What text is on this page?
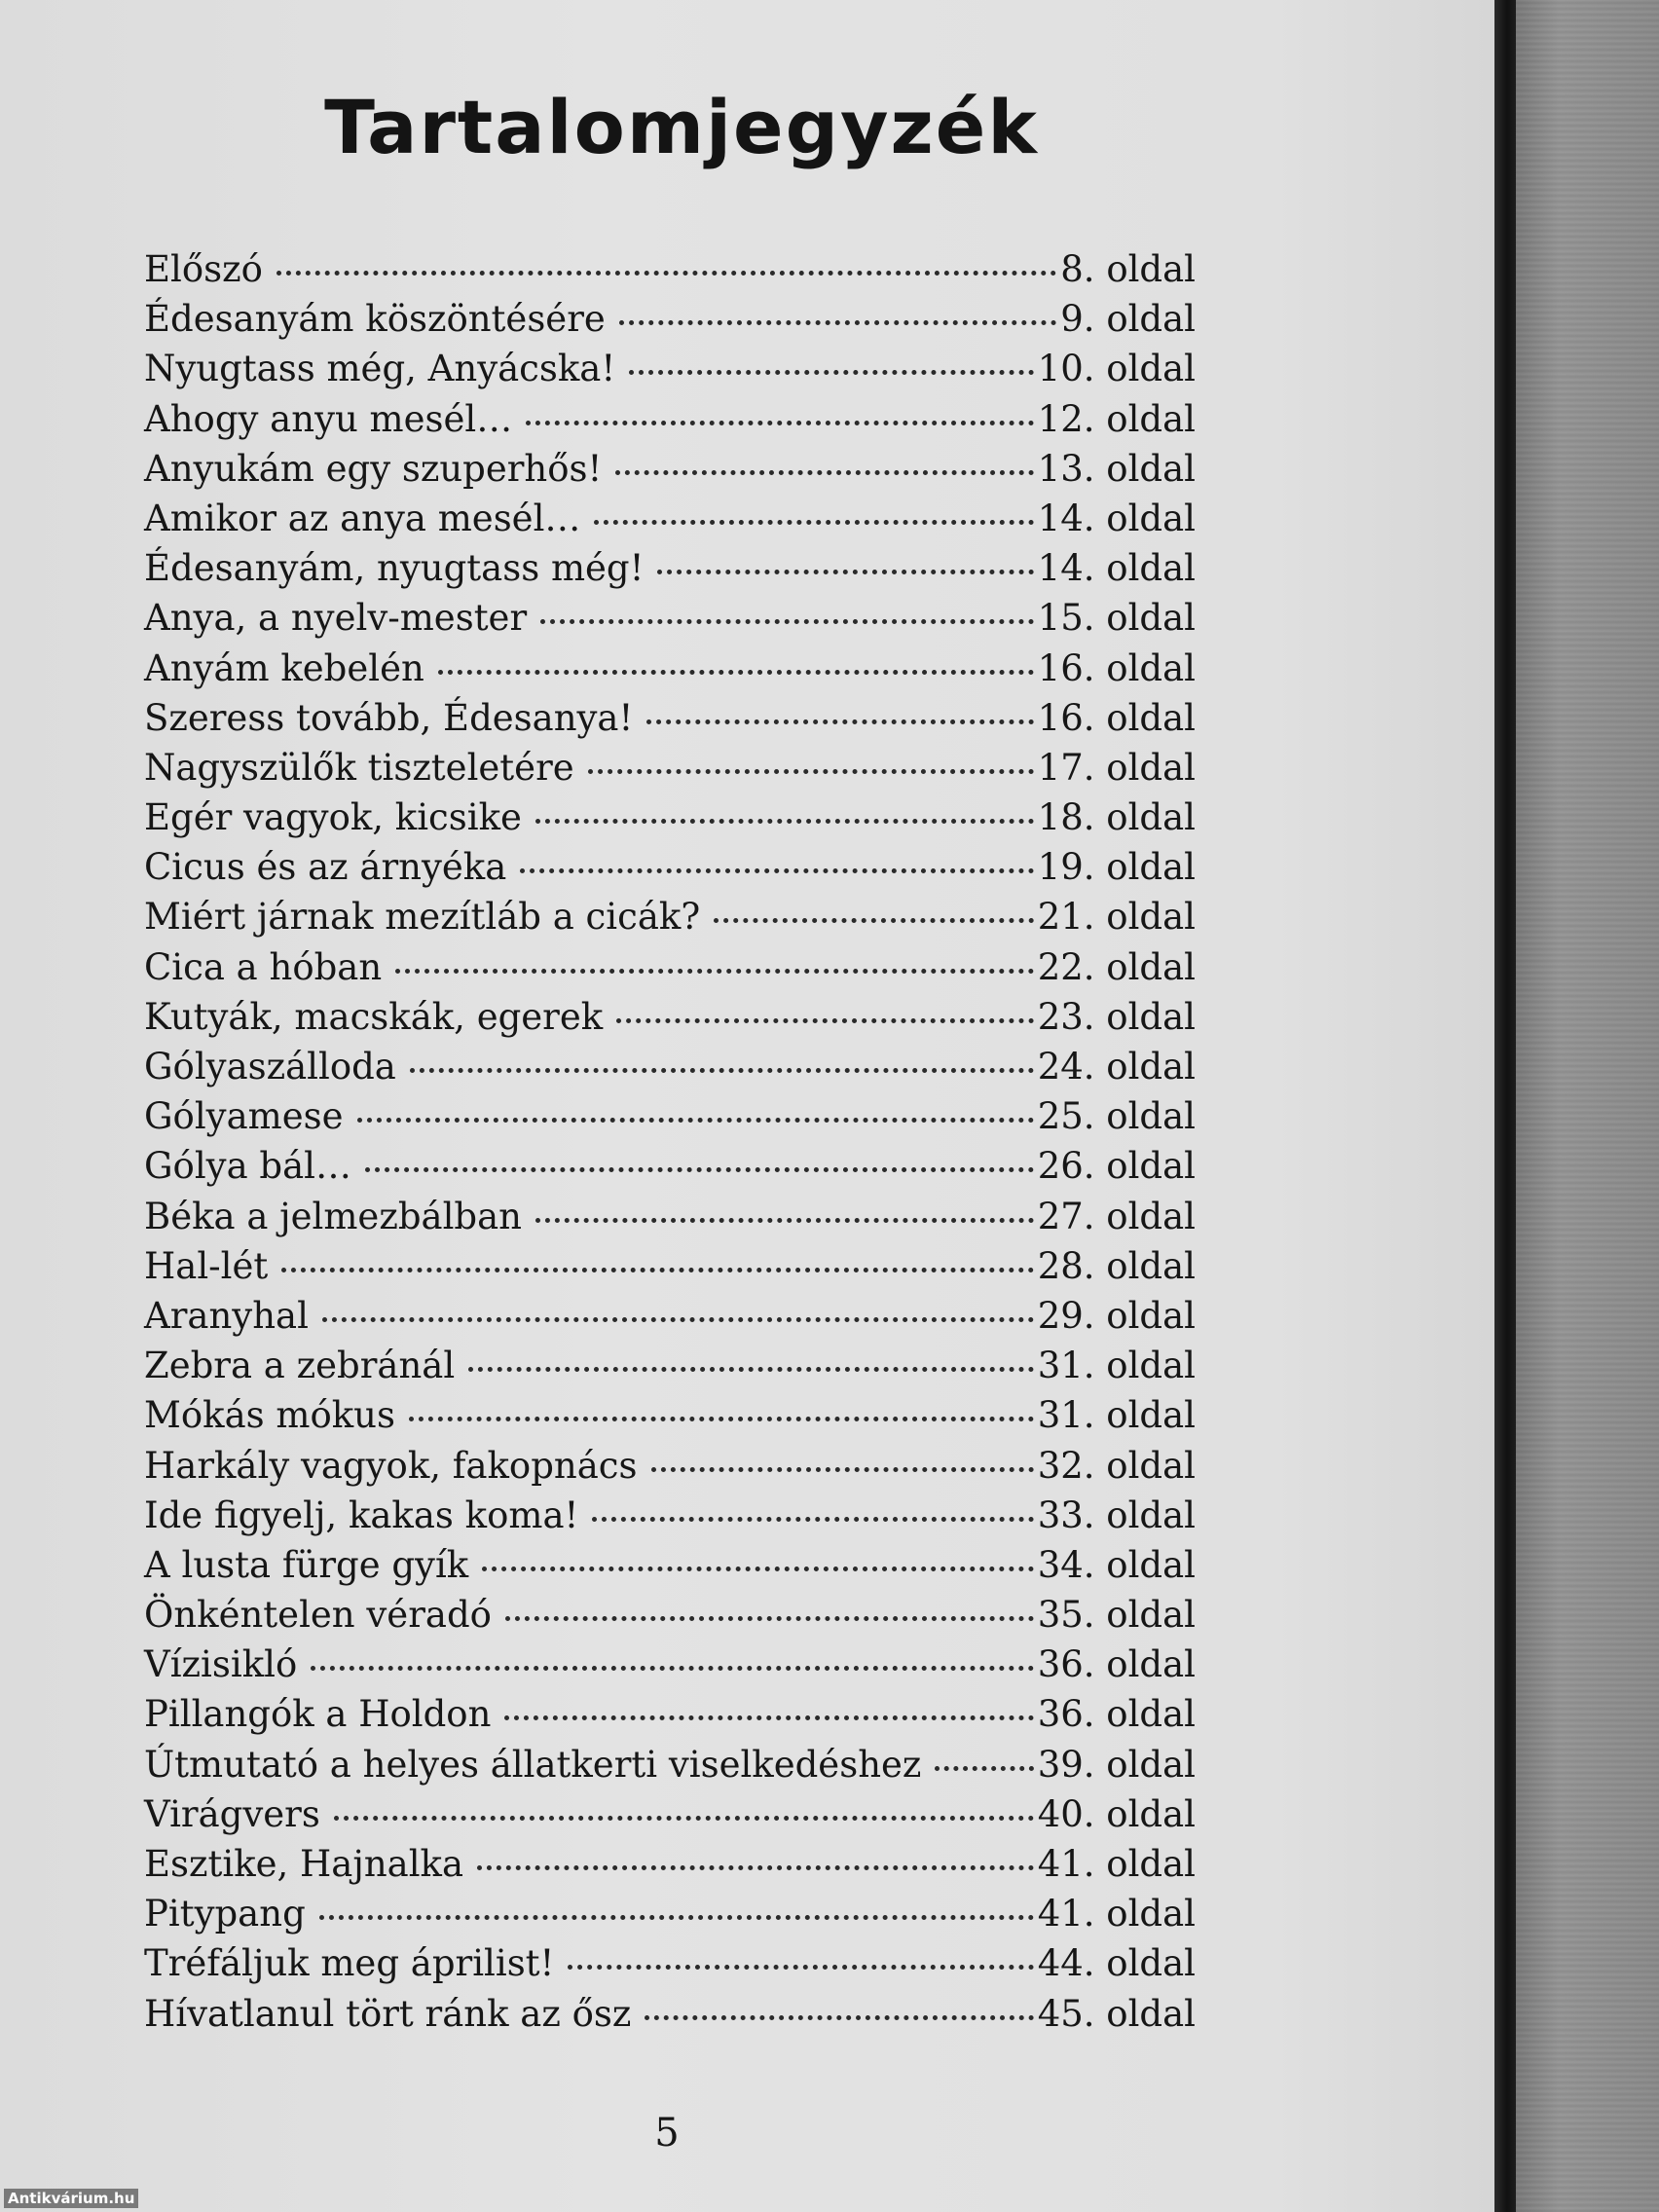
Tartalomjegyzék
Előszó	8. oldal
Édesanyám köszöntésére	9. oldal
Nyugtass még, Anyácska!	10. oldal
Ahogy anyu mesél…	12. oldal
Anyukám egy szuperhős!	13. oldal
Amikor az anya mesél…	14. oldal
Édesanyám, nyugtass még!	14. oldal
Anya, a nyelv-mester	15. oldal
Anyám kebelén	16. oldal
Szeress tovább, Édesanya!	16. oldal
Nagyszülők tiszteletére	17. oldal
Egér vagyok, kicsike	18. oldal
Cicus és az árnyéka	19. oldal
Miért járnak mezítláb a cicák?	21. oldal
Cica a hóban	22. oldal
Kutyák, macskák, egerek	23. oldal
Gólyaszálloda	24. oldal
Gólyamese	25. oldal
Gólya bál…	26. oldal
Béka a jelmezbálban	27. oldal
Hal-lét	28. oldal
Aranyhal	29. oldal
Zebra a zebránál	31. oldal
Mókás mókus	31. oldal
Harkály vagyok, fakopnács	32. oldal
Ide figyelj, kakas koma!	33. oldal
A lusta fürge gyík	34. oldal
Önkéntelen véradó	35. oldal
Vízisikló	36. oldal
Pillangók a Holdon	36. oldal
Útmutató a helyes állatkerti viselkedéshez	39. oldal
Virágvers	40. oldal
Esztike, Hajnalka	41. oldal
Pitypang	41. oldal
Tréfáljuk meg áprilist!	44. oldal
Hívatlanul tört ránk az ősz	45. oldal
5
Antikvárium.hu
